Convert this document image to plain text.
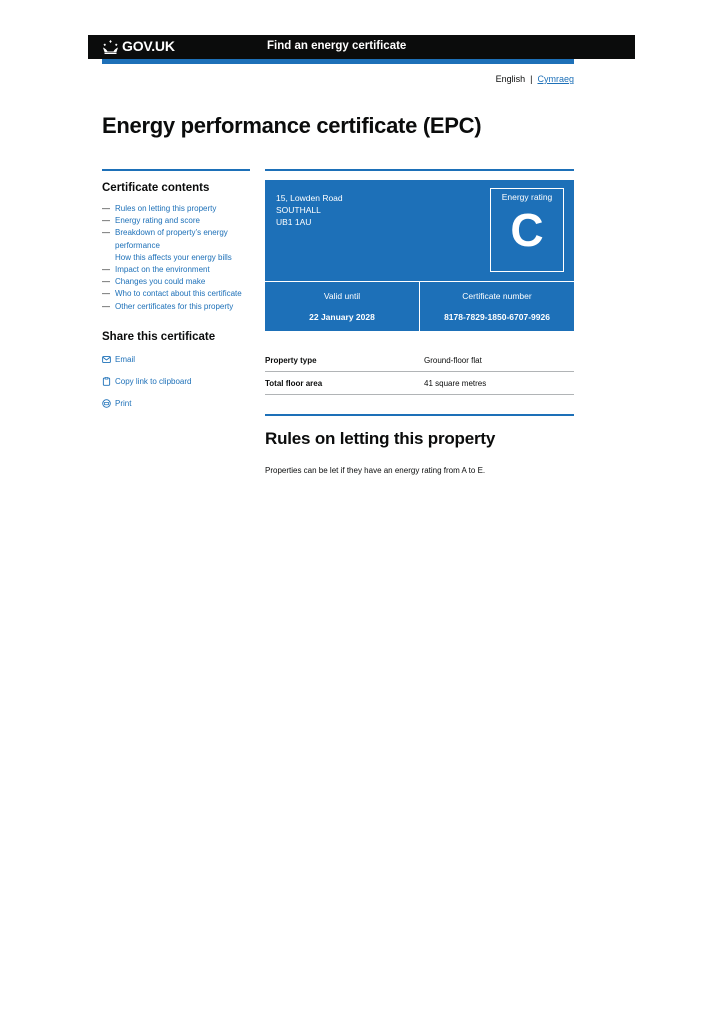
GOV.UK	Find an energy certificate
English | Cymraeg
Energy performance certificate (EPC)
Certificate contents
— Rules on letting this property
— Energy rating and score
— Breakdown of property’s energy performance
How this affects your energy bills
— Impact on the environment
— Changes you could make
— Who to contact about this certificate
— Other certificates for this property
Share this certificate
Email
Copy link to clipboard
Print
15, Lowden Road
SOUTHALL
UB1 1AU
Energy rating
C
Valid until
22 January 2028
Certificate number
8178-7829-1850-6707-9926
Property type	Ground-floor flat
Total floor area	41 square metres
Rules on letting this property
Properties can be let if they have an energy rating from A to E.
